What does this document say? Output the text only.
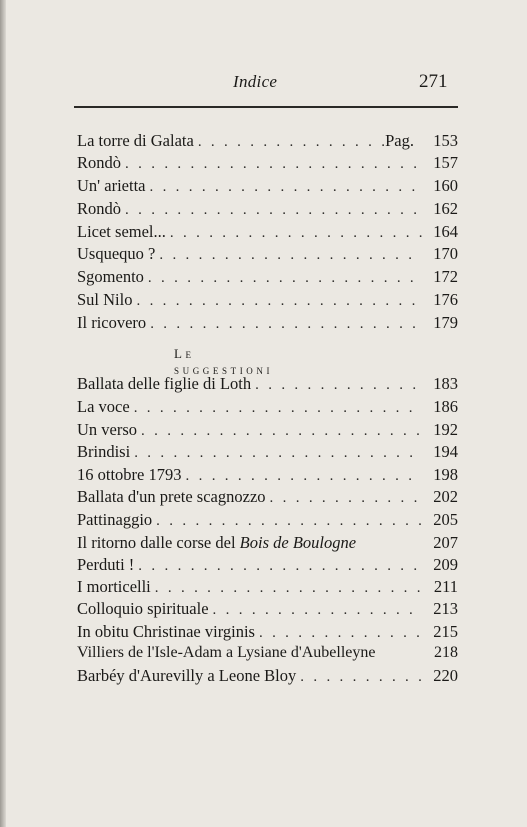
Indice	271
La torre di Galata . . .	Pag.	153
Rondò . . .	157
Un' arietta . . .	160
Rondò . . .	162
Licet semel... . . .	164
Usquequo ? . . .	170
Sgomento . . .	172
Sul Nilo . . .	176
Il ricovero . . .	179
Le suggestioni
Ballata delle figlie di Loth . . .	183
La voce . . .	186
Un verso . . .	192
Brindisi . . .	194
16 ottobre 1793 . . .	198
Ballata d'un prete scagnozzo . . .	202
Pattinaggio . . .	205
Il ritorno dalle corse del Bois de Boulogne	207
Perduti ! . . .	209
I morticelli . . .	211
Colloquio spirituale . . .	213
In obitu Christinae virginis . . .	215
Villiers de l'Isle-Adam a Lysiane d'Aubelleyne	218
Barbéy d'Aurevilly a Leone Bloy . . .	220
